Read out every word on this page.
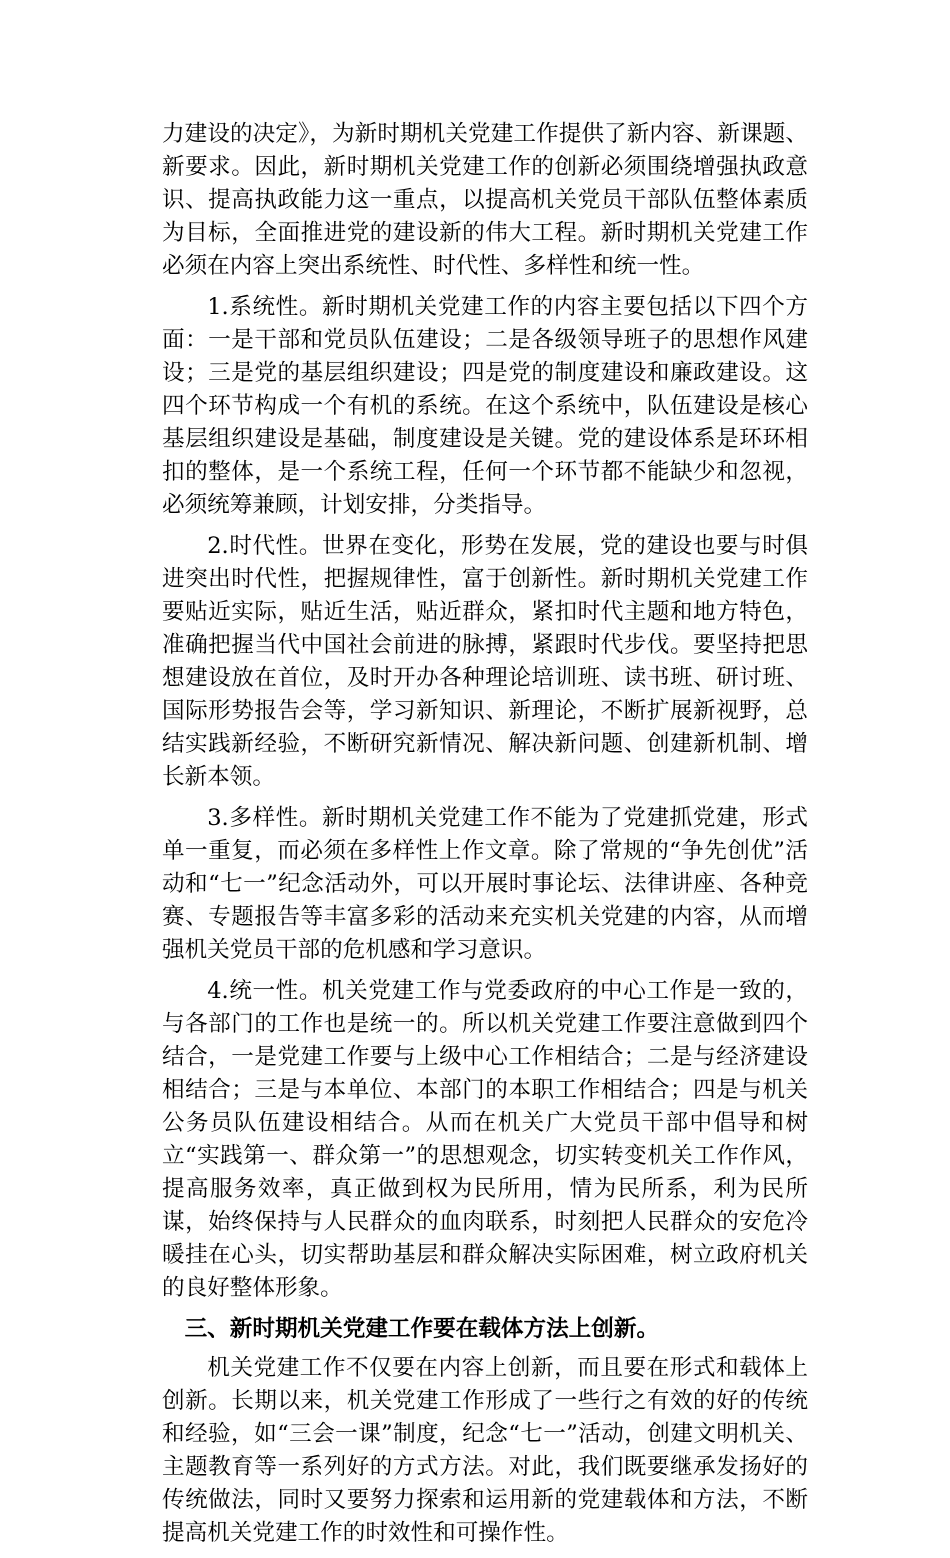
力建设的决定》，为新时期机关党建工作提供了新内容、新课题、新要求。因此，新时期机关党建工作的创新必须围绕增强执政意识、提高执政能力这一重点，以提高机关党员干部队伍整体素质为目标，全面推进党的建设新的伟大工程。新时期机关党建工作必须在内容上突出系统性、时代性、多样性和统一性。

1.系统性。新时期机关党建工作的内容主要包括以下四个方面：一是干部和党员队伍建设；二是各级领导班子的思想作风建设；三是党的基层组织建设；四是党的制度建设和廉政建设。这四个环节构成一个有机的系统。在这个系统中，队伍建设是核心基层组织建设是基础，制度建设是关键。党的建设体系是环环相扣的整体，是一个系统工程，任何一个环节都不能缺少和忽视，必须统筹兼顾，计划安排，分类指导。

2.时代性。世界在变化，形势在发展，党的建设也要与时俱进突出时代性，把握规律性，富于创新性。新时期机关党建工作要贴近实际，贴近生活，贴近群众，紧扣时代主题和地方特色，准确把握当代中国社会前进的脉搏，紧跟时代步伐。要坚持把思想建设放在首位，及时开办各种理论培训班、读书班、研讨班、国际形势报告会等，学习新知识、新理论，不断扩展新视野，总结实践新经验，不断研究新情况、解决新问题、创建新机制、增长新本领。

3.多样性。新时期机关党建工作不能为了党建抓党建，形式单一重复，而必须在多样性上作文章。除了常规的“争先创优”活动和“七一”纪念活动外，可以开展时事论坛、法律讲座、各种竞赛、专题报告等丰富多彩的活动来充实机关党建的内容，从而增强机关党员干部的危机感和学习意识。

4.统一性。机关党建工作与党委政府的中心工作是一致的，与各部门的工作也是统一的。所以机关党建工作要注意做到四个结合，一是党建工作要与上级中心工作相结合；二是与经济建设相结合；三是与本单位、本部门的本职工作相结合；四是与机关公务员队伍建设相结合。从而在机关广大党员干部中倡导和树立“实践第一、群众第一”的思想观念，切实转变机关工作作风，提高服务效率，真正做到权为民所用，情为民所系，利为民所谋，始终保持与人民群众的血肉联系，时刻把人民群众的安危冷暖挂在心头，切实帮助基层和群众解决实际困难，树立政府机关的良好整体形象。

三、新时期机关党建工作要在载体方法上创新。

机关党建工作不仅要在内容上创新，而且要在形式和载体上创新。长期以来，机关党建工作形成了一些行之有效的好的传统和经验，如“三会一课”制度，纪念“七一”活动，创建文明机关、主题教育等一系列好的方式方法。对此，我们既要继承发扬好的传统做法，同时又要努力探索和运用新的党建载体和方法，不断提高机关党建工作的时效性和可操作性。
